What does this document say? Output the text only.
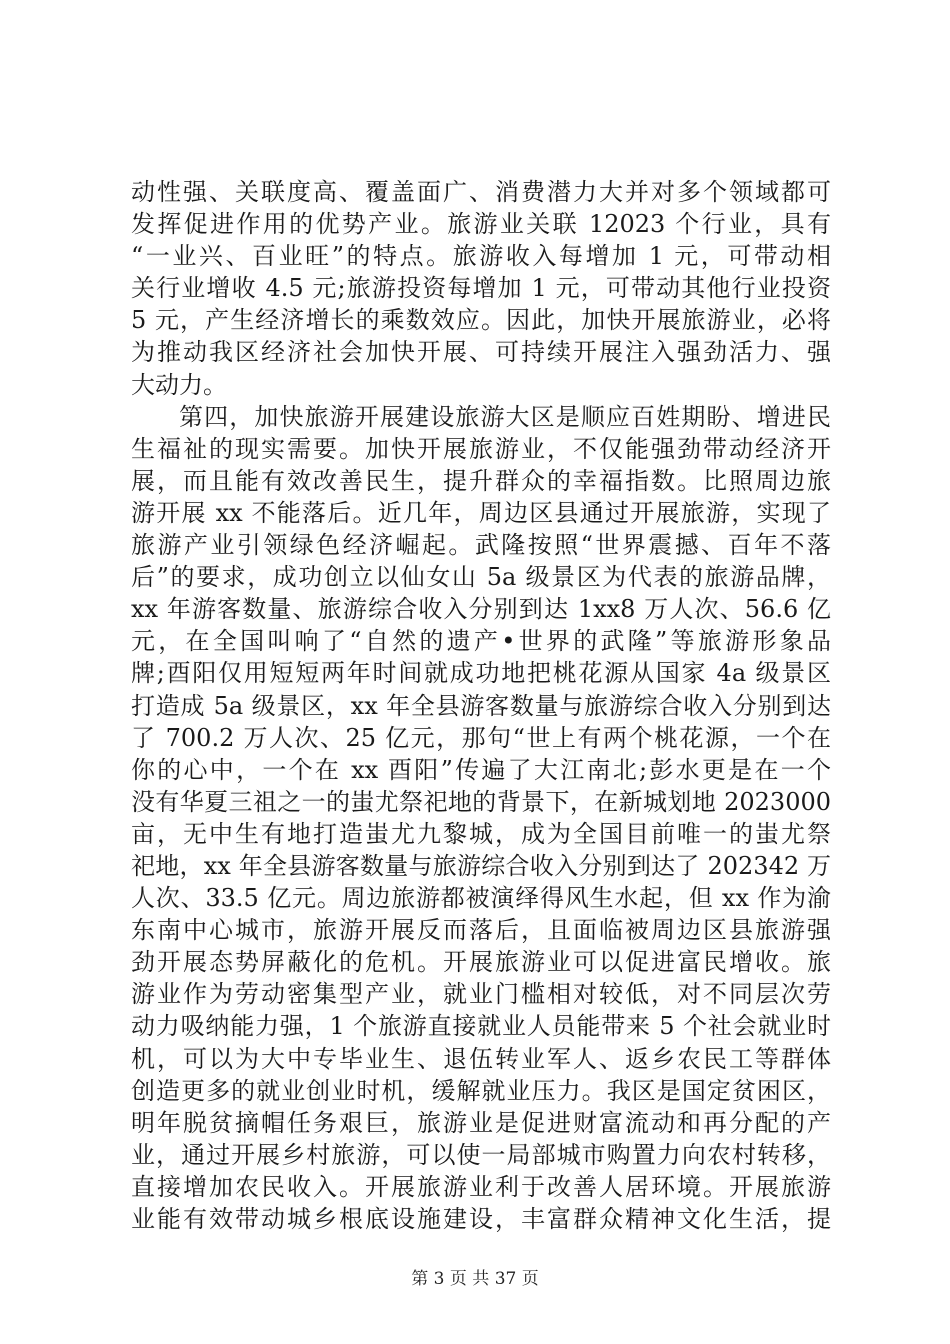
动性强、关联度高、覆盖面广、消费潜力大并对多个领域都可
发挥促进作用的优势产业。旅游业关联 12023 个行业，具有
“一业兴、百业旺”的特点。旅游收入每增加 1 元，可带动相
关行业增收 4.5 元;旅游投资每增加 1 元，可带动其他行业投资
5 元，产生经济增长的乘数效应。因此，加快开展旅游业，必将
为推动我区经济社会加快开展、可持续开展注入强劲活力、强
大动力。
第四，加快旅游开展建设旅游大区是顺应百姓期盼、增进民
生福祉的现实需要。加快开展旅游业，不仅能强劲带动经济开
展，而且能有效改善民生，提升群众的幸福指数。比照周边旅
游开展 xx 不能落后。近几年，周边区县通过开展旅游，实现了
旅游产业引领绿色经济崛起。武隆按照“世界震撼、百年不落
后”的要求，成功创立以仙女山 5a 级景区为代表的旅游品牌，
xx 年游客数量、旅游综合收入分别到达 1xx8 万人次、56.6 亿
元，在全国叫响了“自然的遗产•世界的武隆”等旅游形象品
牌;酉阳仅用短短两年时间就成功地把桃花源从国家 4a 级景区
打造成 5a 级景区，xx 年全县游客数量与旅游综合收入分别到达
了 700.2 万人次、25 亿元，那句“世上有两个桃花源，一个在
你的心中，一个在 xx 酉阳”传遍了大江南北;彭水更是在一个
没有华夏三祖之一的蚩尤祭祀地的背景下，在新城划地 2023000
亩，无中生有地打造蚩尤九黎城，成为全国目前唯一的蚩尤祭
祀地，xx 年全县游客数量与旅游综合收入分别到达了 202342 万
人次、33.5 亿元。周边旅游都被演绎得风生水起，但 xx 作为渝
东南中心城市，旅游开展反而落后，且面临被周边区县旅游强
劲开展态势屏蔽化的危机。开展旅游业可以促进富民增收。旅
游业作为劳动密集型产业，就业门槛相对较低，对不同层次劳
动力吸纳能力强，1 个旅游直接就业人员能带来 5 个社会就业时
机，可以为大中专毕业生、退伍转业军人、返乡农民工等群体
创造更多的就业创业时机，缓解就业压力。我区是国定贫困区，
明年脱贫摘帽任务艰巨，旅游业是促进财富流动和再分配的产
业，通过开展乡村旅游，可以使一局部城市购置力向农村转移，
直接增加农民收入。开展旅游业利于改善人居环境。开展旅游
业能有效带动城乡根底设施建设，丰富群众精神文化生活，提
第 3 页 共 37 页
